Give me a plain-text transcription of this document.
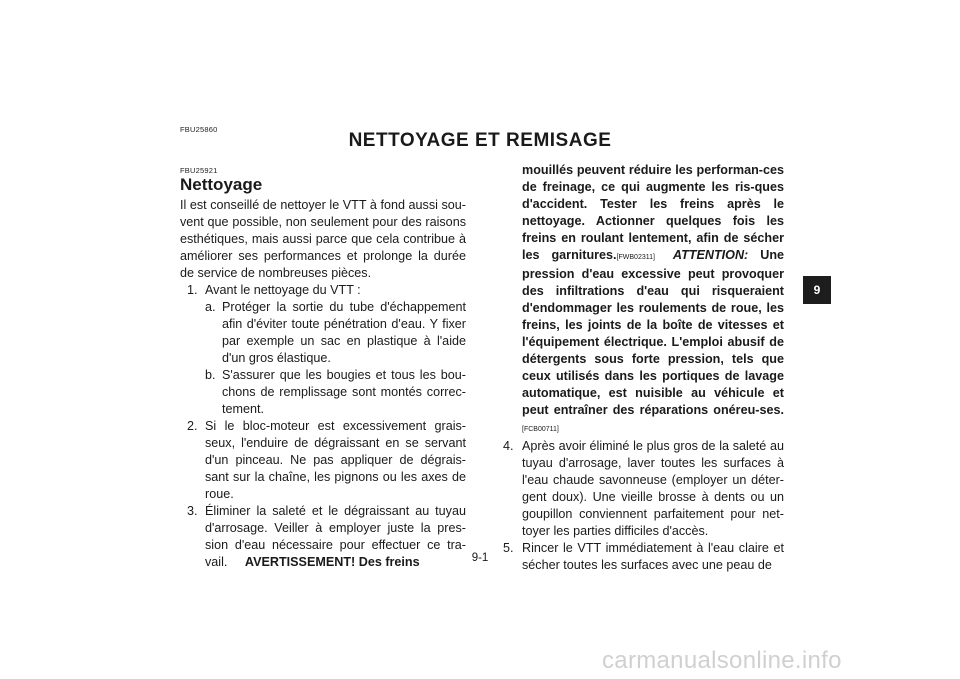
FBU25860
NETTOYAGE ET REMISAGE
FBU25921
Nettoyage

Il est conseillé de nettoyer le VTT à fond aussi sou-

vent que possible, non seulement pour des raisons

esthétiques, mais aussi parce que cela contribue à

améliorer ses performances et prolonge la durée

de service de nombreuses pièces.

1. Avant le nettoyage du VTT :
a. Protéger la sortie du tube d'échappement afin d'éviter toute pénétration d'eau. Y fixer par exemple un sac en plastique à l'aide d'un gros élastique.
b. S'assurer que les bougies et tous les bou-chons de remplissage sont montés correc-tement.
2. Si le bloc-moteur est excessivement grais-seux, l'enduire de dégraissant en se servant d'un pinceau. Ne pas appliquer de dégrais-sant sur la chaîne, les pignons ou les axes de roue.
3. Éliminer la saleté et le dégraissant au tuyau d'arrosage. Veiller à employer juste la pres-sion d'eau nécessaire pour effectuer ce tra-vail. AVERTISSEMENT! Des freins
mouillés peuvent réduire les performan-ces de freinage, ce qui augmente les ris-ques d'accident. Tester les freins après le nettoyage. Actionner quelques fois les freins en roulant lentement, afin de sécher les garnitures.[FWB02311] ATTENTION: Une pression d'eau excessive peut provoquer des infiltrations d'eau qui risqueraient d'endommager les roulements de roue, les freins, les joints de la boîte de vitesses et l'équipement électrique. L'emploi abusif de détergents sous forte pression, tels que ceux utilisés dans les portiques de lavage automatique, est nuisible au véhicule et peut entraîner des réparations onéreu-ses.[FCB00711]
4. Après avoir éliminé le plus gros de la saleté au tuyau d'arrosage, laver toutes les surfaces à l'eau chaude savonneuse (employer un déter-gent doux). Une vieille brosse à dents ou un goupillon conviennent parfaitement pour net-toyer les parties difficiles d'accès.
5. Rincer le VTT immédiatement à l'eau claire et sécher toutes les surfaces avec une peau de
9
9-1
carmanualsonline.info
